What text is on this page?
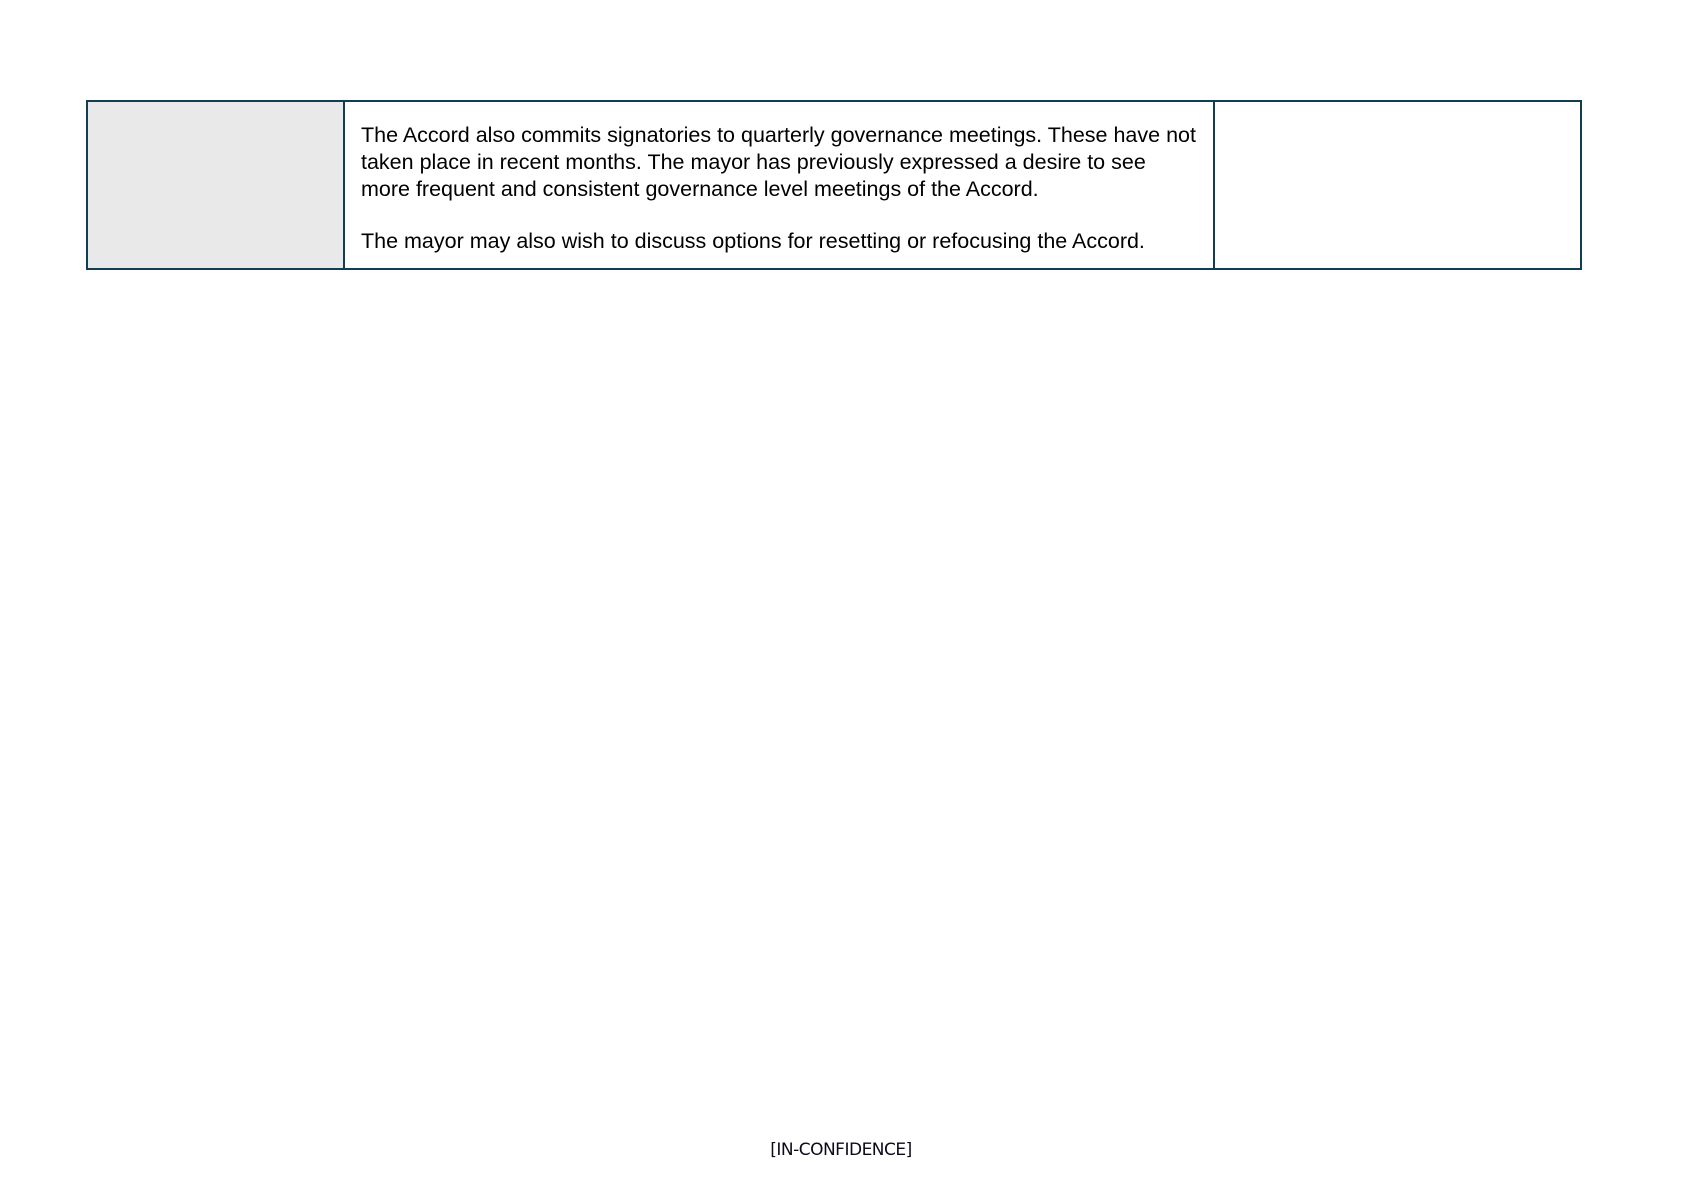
The Accord also commits signatories to quarterly governance meetings. These have not taken place in recent months. The mayor has previously expressed a desire to see more frequent and consistent governance level meetings of the Accord.

The mayor may also wish to discuss options for resetting or refocusing the Accord.

[IN-CONFIDENCE]
